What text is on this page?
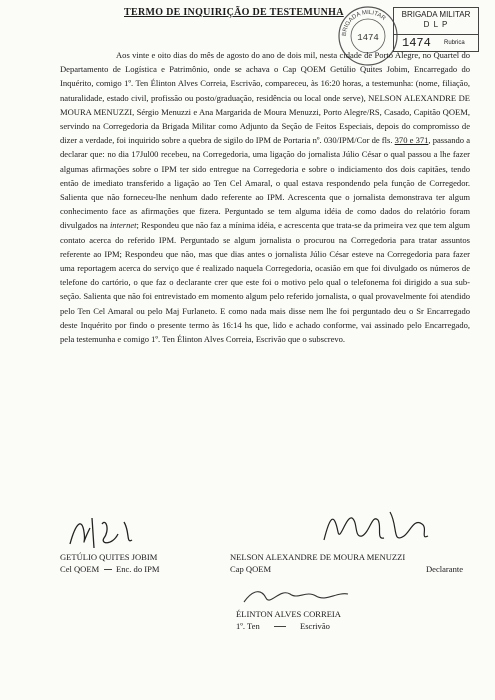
TERMO DE INQUIRIÇÃO DE TESTEMUNHA
BRIGADA MILITAR
1474
BRIGADA MILITAR
D L P
1474 Rubrica

Aos vinte e oito dias do mês de agosto do ano de dois mil, nesta cidade de Porto Alegre, no Quartel do Departamento de Logística e Patrimônio, onde se achava o Cap QOEM Getúlio Quites Jobim, Encarregado do Inquérito, comigo 1º. Ten Élinton Alves Correia, Escrivão, compareceu, às 16:20 horas, a testemunha: (nome, filiação, naturalidade, estado civil, profissão ou posto/graduação, residência ou local onde serve), NELSON ALEXANDRE DE MOURA MENUZZI, Sérgio Menuzzi e Ana Margarida de Moura Menuzzi, Porto Alegre/RS, Casado, Capitão QOEM, servindo na Corregedoria da Brigada Militar como Adjunto da Seção de Feitos Especiais, depois do compromisso de dizer a verdade, foi inquirido sobre a quebra de sigilo do IPM de Portaria nº. 030/IPM/Cor de fls. 370 e 371, passando a declarar que: no dia 17Jul00 recebeu, na Corregedoria, uma ligação do jornalista Júlio César o qual passou a lhe fazer algumas afirmações sobre o IPM ter sido entregue na Corregedoria e sobre o indiciamento dos dois capitães, tendo então de imediato transferido a ligação ao Ten Cel Amaral, o qual estava respondendo pela função de Corregedor. Salienta que não forneceu-lhe nenhum dado referente ao IPM. Acrescenta que o jornalista demonstrava ter algum conhecimento face as afirmações que fizera. Perguntado se tem alguma idéia de como dados do relatório foram divulgados na internet; Respondeu que não faz a mínima idéia, e acrescenta que trata-se da primeira vez que tem algum contato acerca do referido IPM. Perguntado se algum jornalista o procurou na Corregedoria para tratar assuntos referente ao IPM; Respondeu que não, mas que dias antes o jornalista Júlio César esteve na Corregedoria para fazer uma reportagem acerca do serviço que é realizado naquela Corregedoria, ocasião em que foi divulgado os números de telefone do cartório, o que faz o declarante crer que este foi o motivo pelo qual o telefonema foi dirigido a sua sub-seção. Salienta que não foi entrevistado em momento algum pelo referido jornalista, o qual provavelmente foi atendido pelo Ten Cel Amaral ou pelo Maj Furlaneto. E como nada mais disse nem lhe foi perguntado deu o Sr Encarregado deste Inquérito por findo o presente termo às 16:14 hs que, lido e achado conforme, vai assinado pelo Encarregado, pela testemunha e comigo 1º. Ten Élinton Alves Correia, Escrivão que o subscrevo.

GETÚLIO QUITES JOBIM
Cel QOEM Enc. do IPM
NELSON ALEXANDRE DE MOURA MENUZZI
Cap QOEM	Declarante
ÉLINTON ALVES CORREIA
1º. Ten	Escrivão
